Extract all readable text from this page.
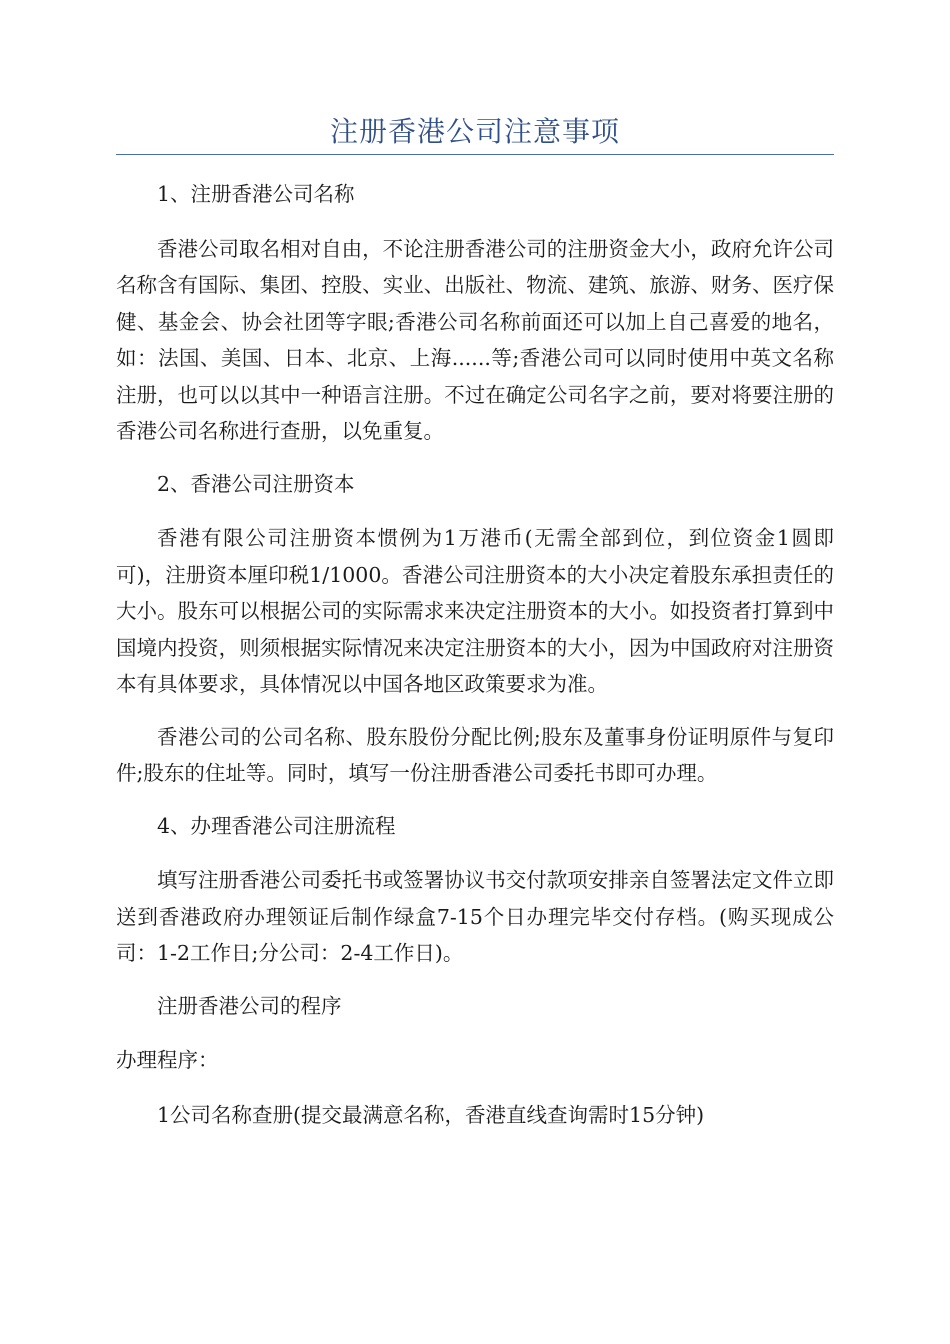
注册香港公司注意事项

1、注册香港公司名称

香港公司取名相对自由，不论注册香港公司的注册资金大小，政府允许公司名称含有国际、集团、控股、实业、出版社、物流、建筑、旅游、财务、医疗保健、基金会、协会社团等字眼;香港公司名称前面还可以加上自己喜爱的地名，如：法国、美国、日本、北京、上海......等;香港公司可以同时使用中英文名称注册，也可以以其中一种语言注册。不过在确定公司名字之前，要对将要注册的香港公司名称进行查册，以免重复。

2、香港公司注册资本

香港有限公司注册资本惯例为1万港币(无需全部到位，到位资金1圆即可)，注册资本厘印税1/1000。香港公司注册资本的大小决定着股东承担责任的大小。股东可以根据公司的实际需求来决定注册资本的大小。如投资者打算到中国境内投资，则须根据实际情况来决定注册资本的大小，因为中国政府对注册资本有具体要求，具体情况以中国各地区政策要求为准。

香港公司的公司名称、股东股份分配比例;股东及董事身份证明原件与复印件;股东的住址等。同时，填写一份注册香港公司委托书即可办理。

4、办理香港公司注册流程

填写注册香港公司委托书或签署协议书交付款项安排亲自签署法定文件立即送到香港政府办理领证后制作绿盒7-15个日办理完毕交付存档。(购买现成公司：1-2工作日;分公司：2-4工作日)。

注册香港公司的程序

办理程序：

1公司名称查册(提交最满意名称，香港直线查询需时15分钟)
